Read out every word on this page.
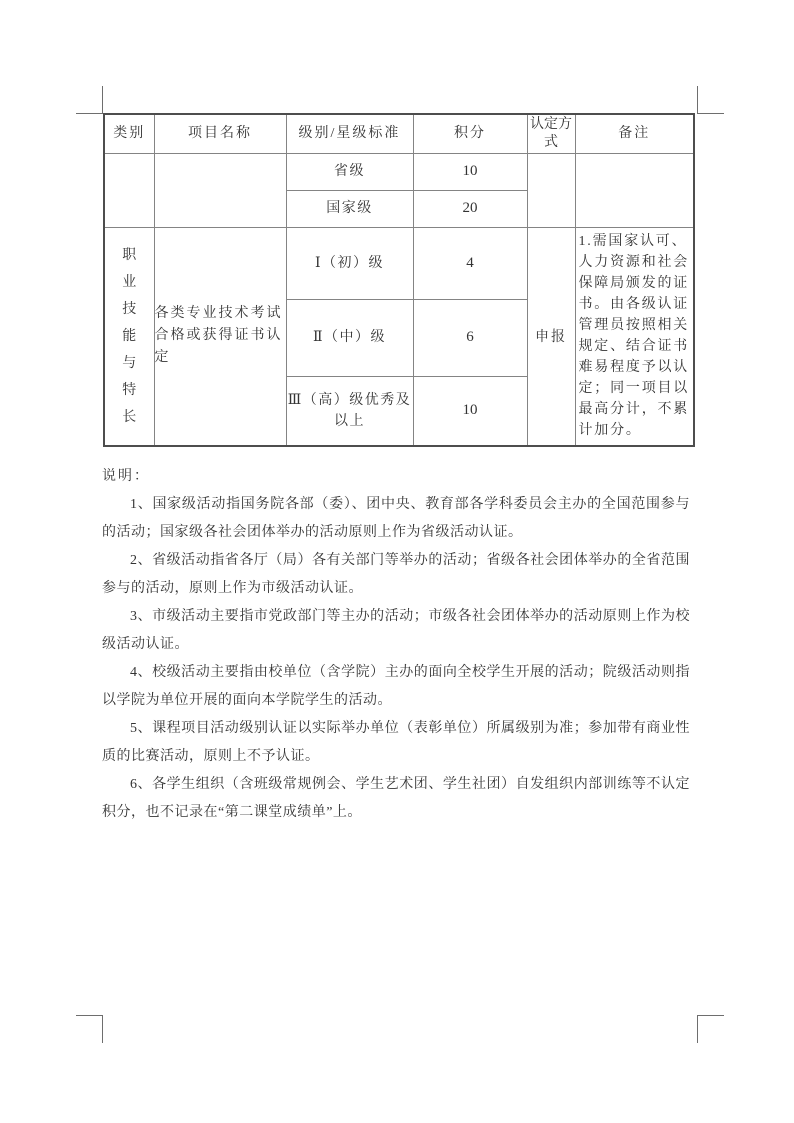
类别	项目名称	级别/星级标准	积分	认定方式	备注

		省级	10		
		国家级	20		

职业技能与特长	各类专业技术考试合格或获得证书认定	Ⅰ（初）级	4	申报	1.需国家认可、人力资源和社会保障局颁发的证书。由各级认证管理员按照相关规定、结合证书难易程度予以认定；同一项目以最高分计，不累计加分。
		Ⅱ（中）级	6		
		Ⅲ（高）级优秀及以上	10		
说明：

1、国家级活动指国务院各部（委）、团中央、教育部各学科委员会主办的全国范围参与的活动；国家级各社会团体举办的活动原则上作为省级活动认证。

2、省级活动指省各厅（局）各有关部门等举办的活动；省级各社会团体举办的全省范围参与的活动，原则上作为市级活动认证。

3、市级活动主要指市党政部门等主办的活动；市级各社会团体举办的活动原则上作为校级活动认证。

4、校级活动主要指由校单位（含学院）主办的面向全校学生开展的活动；院级活动则指以学院为单位开展的面向本学院学生的活动。

5、课程项目活动级别认证以实际举办单位（表彰单位）所属级别为准；参加带有商业性质的比赛活动，原则上不予认证。

6、各学生组织（含班级常规例会、学生艺术团、学生社团）自发组织内部训练等不认定积分，也不记录在“第二课堂成绩单”上。
